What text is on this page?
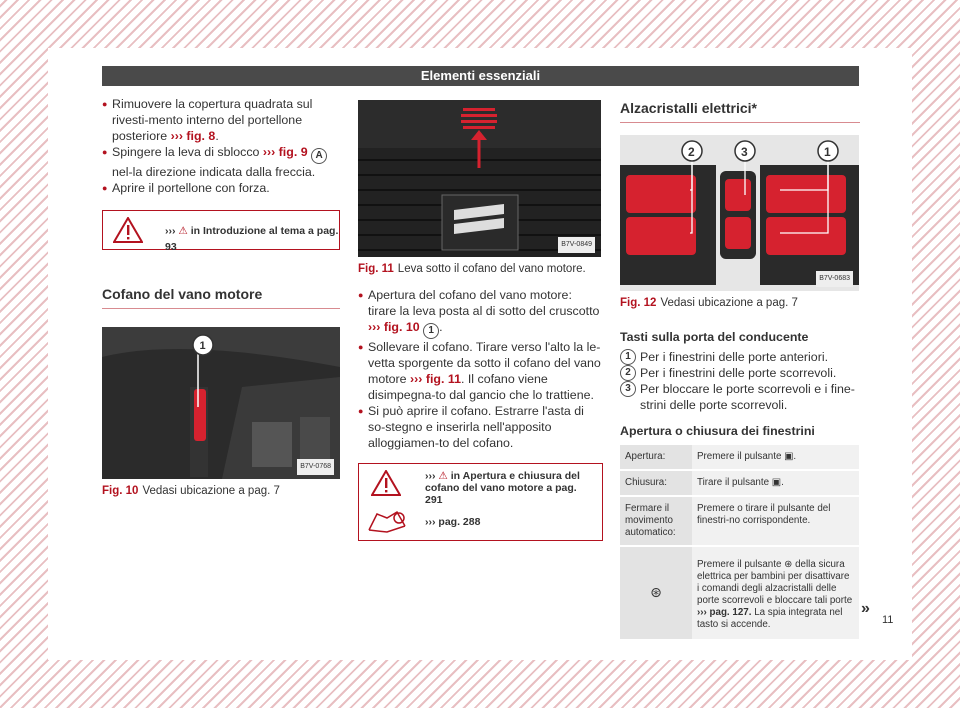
Elementi essenziali

● Rimuovere la copertura quadrata sul rivesti-mento interno del portellone posteriore ››› fig. 8.

● Spingere la leva di sblocco ››› fig. 9 A nel-la direzione indicata dalla freccia.

● Aprire il portellone con forza.

››› ⚠ in Introduzione al tema a pag. 93
Cofano del vano motore
1
B7V-0768
Fig. 10 Vedasi ubicazione a pag. 7
B7V-0849
Fig. 11 Leva sotto il cofano del vano motore.

● Apertura del cofano del vano motore: tirare la leva posta al di sotto del cruscotto ››› fig. 10 1 .

● Sollevare il cofano. Tirare verso l'alto la le-vetta sporgente da sotto il cofano del vano motore ››› fig. 11. Il cofano viene disimpegna-to dal gancio che lo trattiene.

● Si può aprire il cofano. Estrarre l'asta di so-stegno e inserirla nell'apposito alloggiamen-to del cofano.

››› ⚠ in Apertura e chiusura del cofano del vano motore a pag. 291
››› pag. 288
Alzacristalli elettrici*
2	3	1
B7V-0683
Fig. 12 Vedasi ubicazione a pag. 7
Tasti sulla porta del conducente
1 Per i finestrini delle porte anteriori.
2 Per i finestrini delle porte scorrevoli.
3 Per bloccare le porte scorrevoli e i fine-strini delle porte scorrevoli.
Apertura o chiusura dei finestrini
Apertura:	Premere il pulsante ▣.
Chiusura:	Tirare il pulsante ▣.
Fermare il movimento automatico:	Premere o tirare il pulsante del finestri-no corrispondente.
⊛	Premere il pulsante ⊛ della sicura elettrica per bambini per disattivare i comandi degli alzacristalli delle porte scorrevoli e bloccare tali porte ››› pag. 127. La spia integrata nel tasto si accende.
»
11
